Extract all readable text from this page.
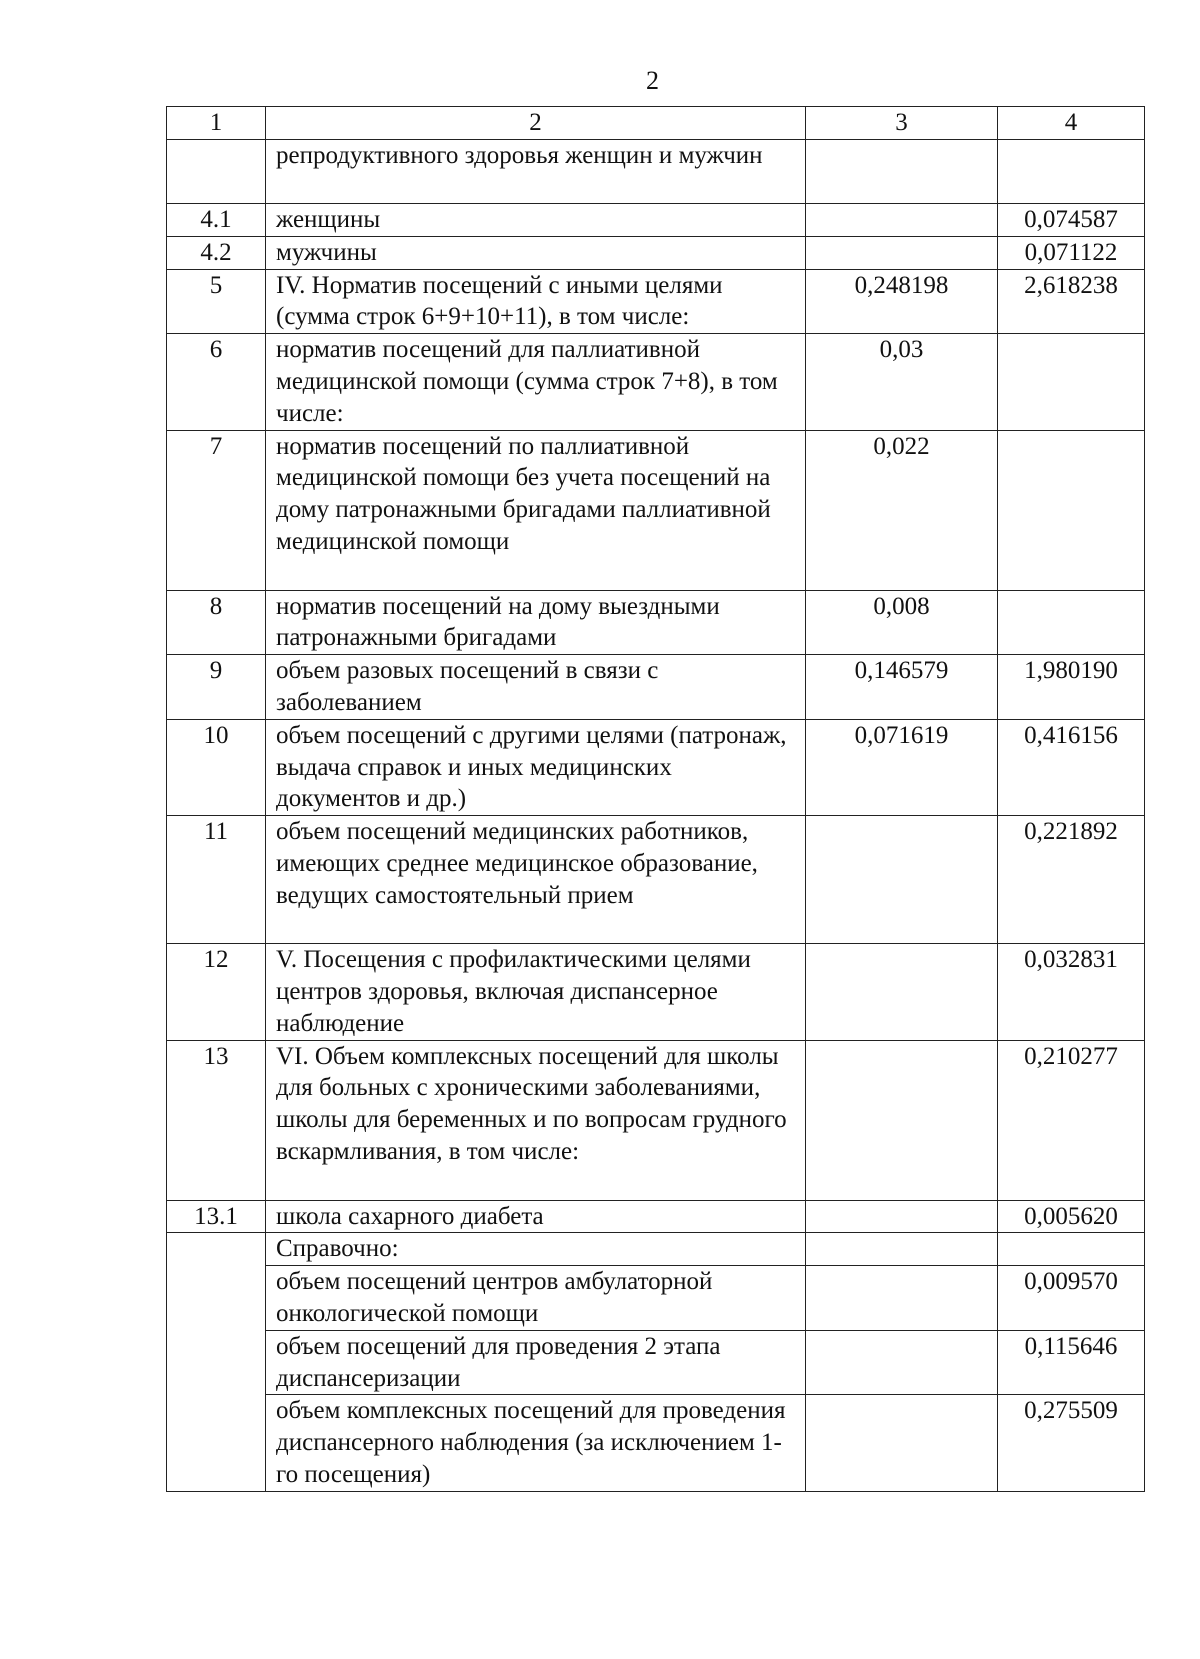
2
1	2	3	4
	репродуктивного здоровья женщин и мужчин		
4.1	женщины		0,074587
4.2	мужчины		0,071122
5	IV. Норматив посещений с иными целями (сумма строк 6+9+10+11), в том числе:	0,248198	2,618238
6	норматив посещений для паллиативной медицинской помощи (сумма строк 7+8), в том числе:	0,03	
7	норматив посещений по паллиативной медицинской помощи без учета посещений на дому патронажными бригадами паллиативной медицинской помощи	0,022	
8	норматив посещений на дому выездными патронажными бригадами	0,008	
9	объем разовых посещений в связи с заболеванием	0,146579	1,980190
10	объем посещений с другими целями (патронаж, выдача справок и иных медицинских документов и др.)	0,071619	0,416156
11	объем посещений медицинских работников, имеющих среднее медицинское образование, ведущих самостоятельный прием		0,221892
12	V. Посещения с профилактическими целями центров здоровья, включая диспансерное наблюдение		0,032831
13	VI. Объем комплексных посещений для школы для больных с хроническими заболеваниями, школы для беременных и по вопросам грудного вскармливания, в том числе:		0,210277
13.1	школа сахарного диабета		0,005620
	Справочно:		
	объем посещений центров амбулаторной онкологической помощи		0,009570
	объем посещений для проведения 2 этапа диспансеризации		0,115646
	объем комплексных посещений для проведения диспансерного наблюдения (за исключением 1-го посещения)		0,275509
